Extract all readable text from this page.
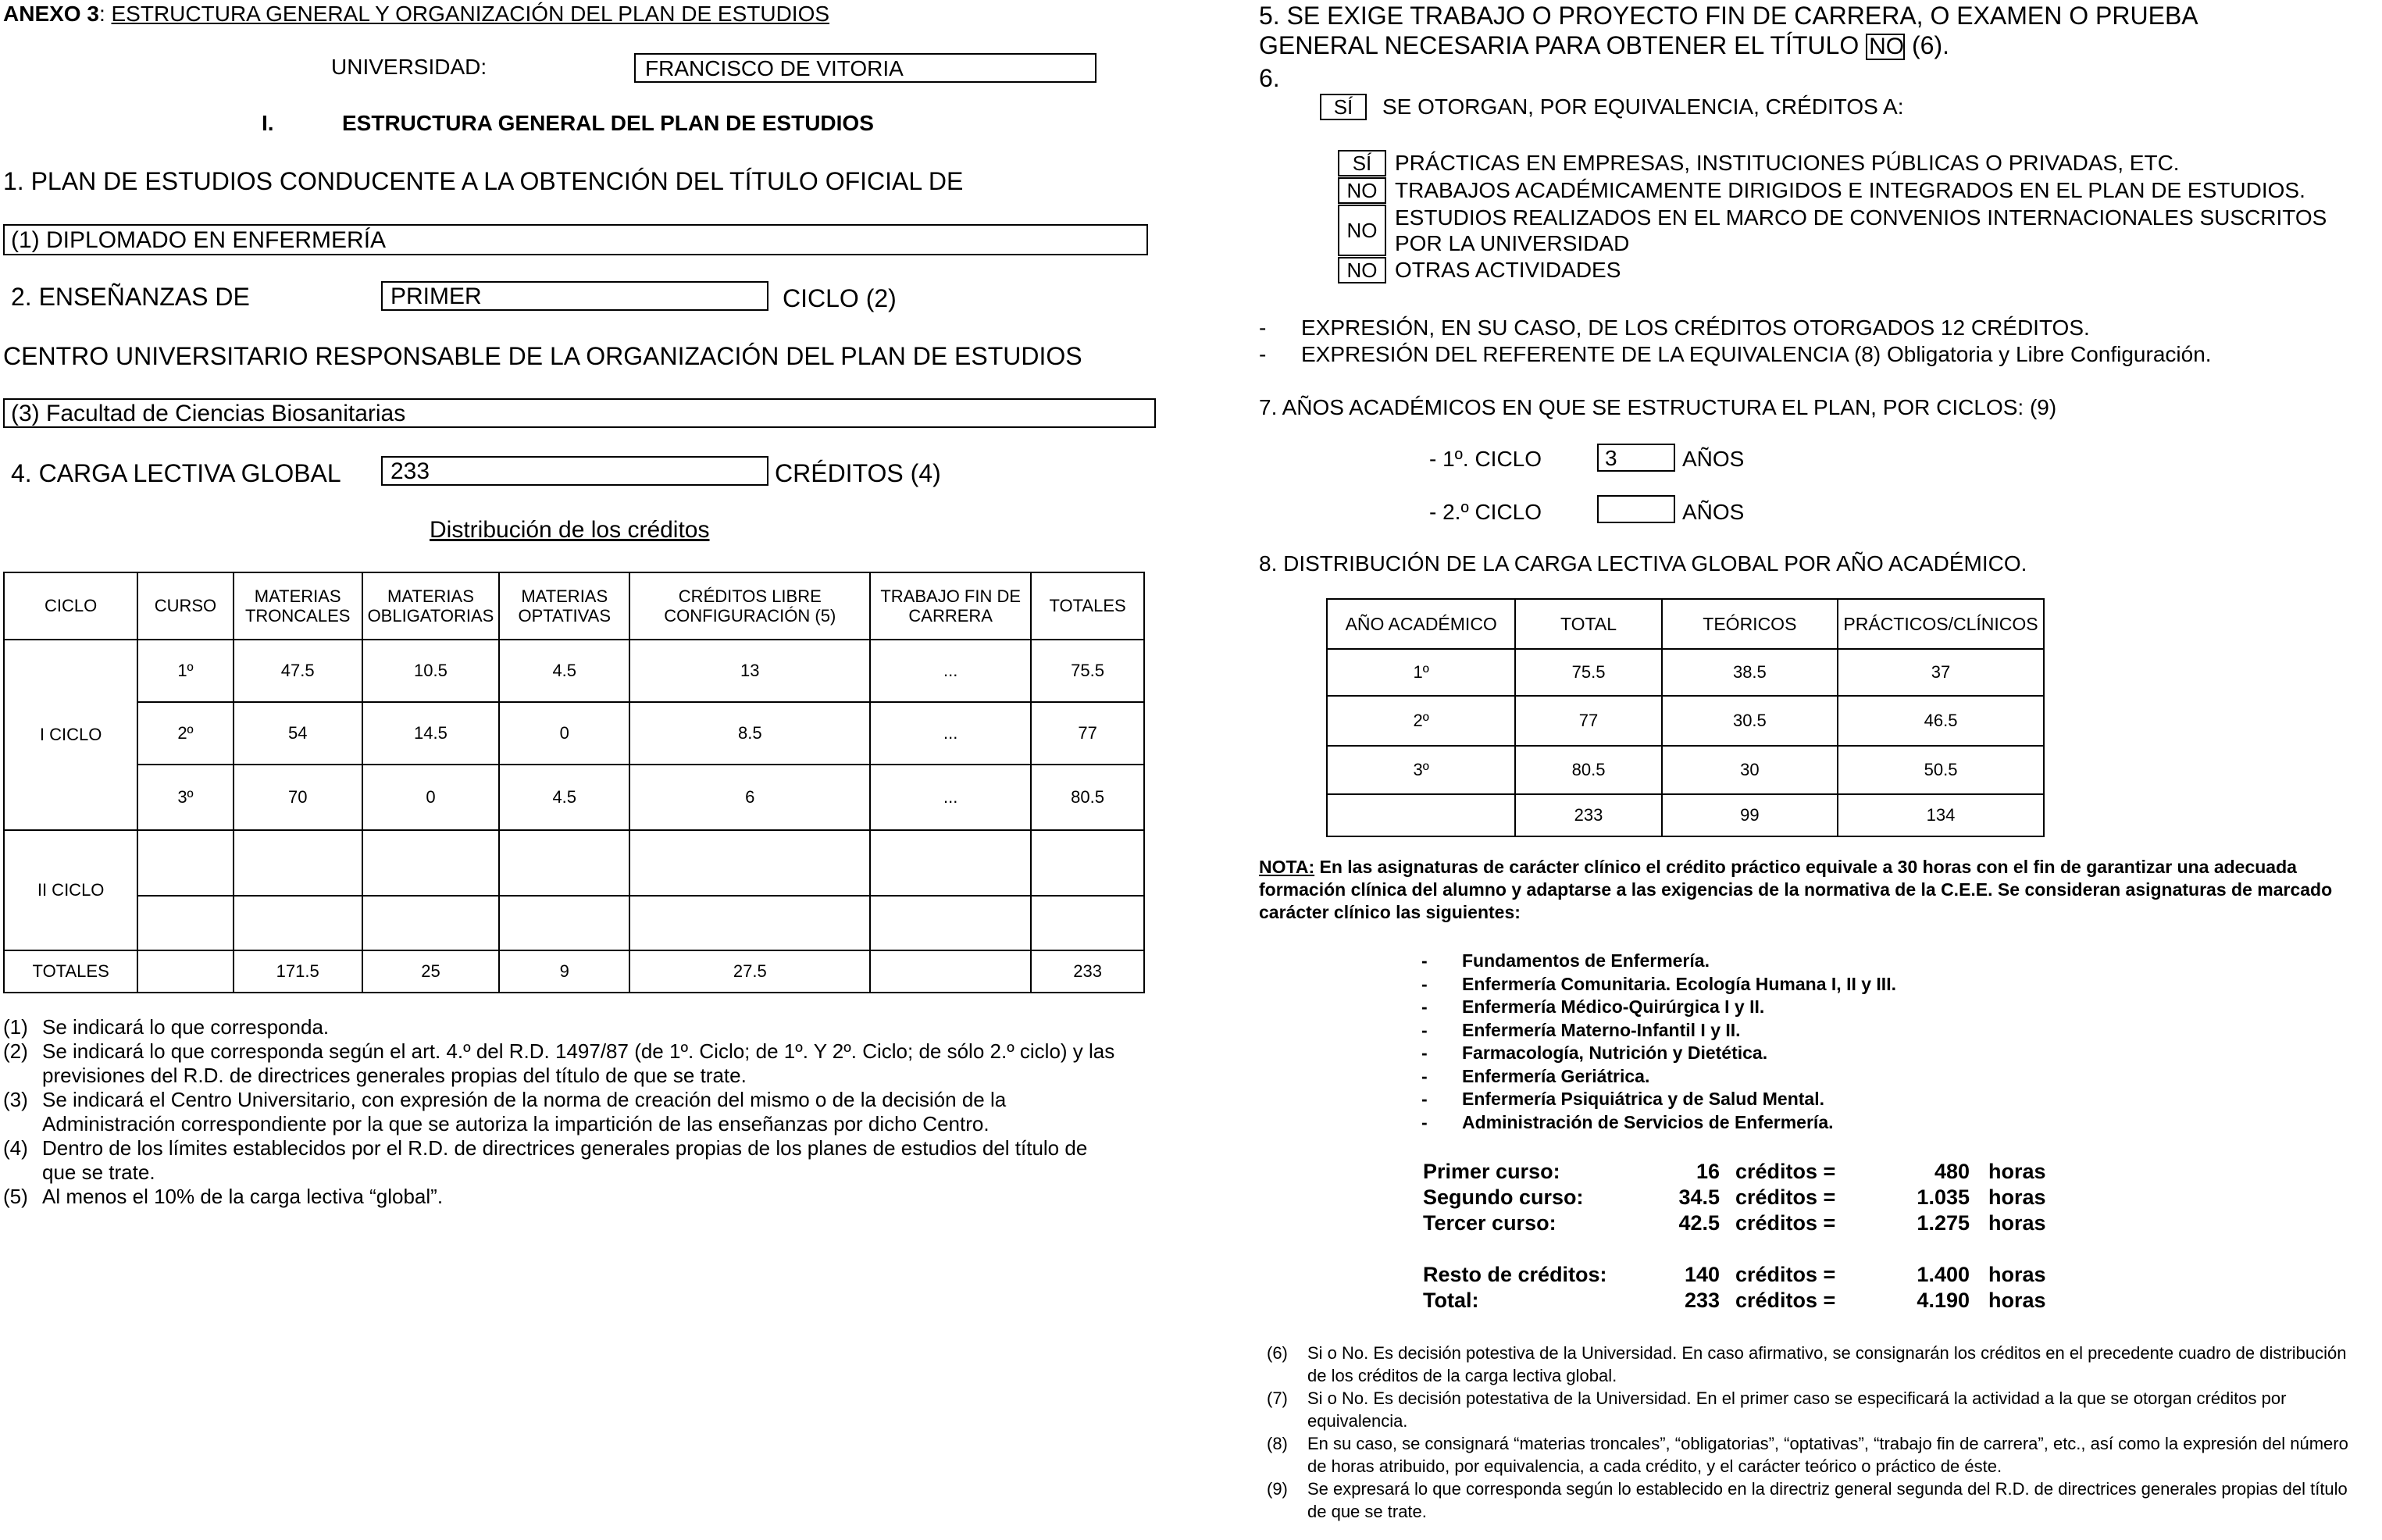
ANEXO 3: ESTRUCTURA GENERAL Y ORGANIZACIÓN DEL PLAN DE ESTUDIOS
UNIVERSIDAD:	FRANCISCO DE VITORIA
I.	ESTRUCTURA GENERAL DEL PLAN DE ESTUDIOS
1. PLAN DE ESTUDIOS CONDUCENTE A LA OBTENCIÓN DEL TÍTULO OFICIAL DE
(1) DIPLOMADO EN ENFERMERÍA
2. ENSEÑANZAS DE	PRIMER	CICLO (2)
CENTRO UNIVERSITARIO RESPONSABLE DE LA ORGANIZACIÓN DEL PLAN DE ESTUDIOS
(3) Facultad de Ciencias Biosanitarias
4. CARGA LECTIVA GLOBAL 233	CRÉDITOS (4)
Distribución de los créditos
CICLO	CURSO	MATERIAS TRONCALES	MATERIAS OBLIGATORIAS	MATERIAS OPTATIVAS	CRÉDITOS LIBRE CONFIGURACIÓN (5)	TRABAJO FIN DE CARRERA	TOTALES
I CICLO	1º	47.5	10.5	4.5	13	...	75.5
	2º	54	14.5	0	8.5	...	77
	3º	70	0	4.5	6	...	80.5
II CICLO							

TOTALES		171.5	25	9	27.5		233
(1) Se indicará lo que corresponda.
(2) Se indicará lo que corresponda según el art. 4.º del R.D. 1497/87 (de 1º. Ciclo; de 1º. Y 2º. Ciclo; de sólo 2.º ciclo) y las previsiones del R.D. de directrices generales propias del título de que se trate.
(3) Se indicará el Centro Universitario, con expresión de la norma de creación del mismo o de la decisión de la Administración correspondiente por la que se autoriza la impartición de las enseñanzas por dicho Centro.
(4) Dentro de los límites establecidos por el R.D. de directrices generales propias de los planes de estudios del título de que se trate.
(5) Al menos el 10% de la carga lectiva “global”.
5. SE EXIGE TRABAJO O PROYECTO FIN DE CARRERA, O EXAMEN O PRUEBA
GENERAL NECESARIA PARA OBTENER EL TÍTULO NO (6).
6.
SÍ	SE OTORGAN, POR EQUIVALENCIA, CRÉDITOS A:
SÍ	PRÁCTICAS EN EMPRESAS, INSTITUCIONES PÚBLICAS O PRIVADAS, ETC.
NO TRABAJOS ACADÉMICAMENTE DIRIGIDOS E INTEGRADOS EN EL PLAN DE ESTUDIOS.
NO
ESTUDIOS REALIZADOS EN EL MARCO DE CONVENIOS INTERNACIONALES SUSCRITOS POR LA UNIVERSIDAD
NO OTRAS ACTIVIDADES
- EXPRESIÓN, EN SU CASO, DE LOS CRÉDITOS OTORGADOS 12 CRÉDITOS.
- EXPRESIÓN DEL REFERENTE DE LA EQUIVALENCIA (8) Obligatoria y Libre Configuración.
7. AÑOS ACADÉMICOS EN QUE SE ESTRUCTURA EL PLAN, POR CICLOS: (9)
- 1º. CICLO	3	AÑOS
- 2.º CICLO	AÑOS
8. DISTRIBUCIÓN DE LA CARGA LECTIVA GLOBAL POR AÑO ACADÉMICO.
AÑO ACADÉMICO	TOTAL	TEÓRICOS	PRÁCTICOS/CLÍNICOS
1º	75.5	38.5	37
2º	77	30.5	46.5
3º	80.5	30	50.5
	233	99	134
NOTA: En las asignaturas de carácter clínico el crédito práctico equivale a 30 horas con el fin de garantizar una adecuada formación clínica del alumno y adaptarse a las exigencias de la normativa de la C.E.E. Se consideran asignaturas de marcado carácter clínico las siguientes:
-	Fundamentos de Enfermería.
-	Enfermería Comunitaria. Ecología Humana I, II y III.
-	Enfermería Médico-Quirúrgica I y II.
-	Enfermería Materno-Infantil I y II.
-	Farmacología, Nutrición y Dietética.
-	Enfermería Geriátrica.
-	Enfermería Psiquiátrica y de Salud Mental.
-	Administración de Servicios de Enfermería.
Primer curso:	16	créditos =	480	horas
Segundo curso:	34.5	créditos =	1.035	horas
Tercer curso:	42.5	créditos =	1.275	horas

Resto de créditos:	140	créditos =	1.400	horas
Total:	233	créditos =	4.190	horas
(6)	Si o No. Es decisión potestiva de la Universidad. En caso afirmativo, se consignarán los créditos en el precedente cuadro de distribución de los créditos de la carga lectiva global.
(7)	Si o No. Es decisión potestativa de la Universidad. En el primer caso se especificará la actividad a la que se otorgan créditos por equivalencia.
(8)	En su caso, se consignará “materias troncales”, “obligatorias”, “optativas”, “trabajo fin de carrera”, etc., así como la expresión del número de horas atribuido, por equivalencia, a cada crédito, y el carácter teórico o práctico de éste.
(9)	Se expresará lo que corresponda según lo establecido en la directriz general segunda del R.D. de directrices generales propias del título de que se trate.
